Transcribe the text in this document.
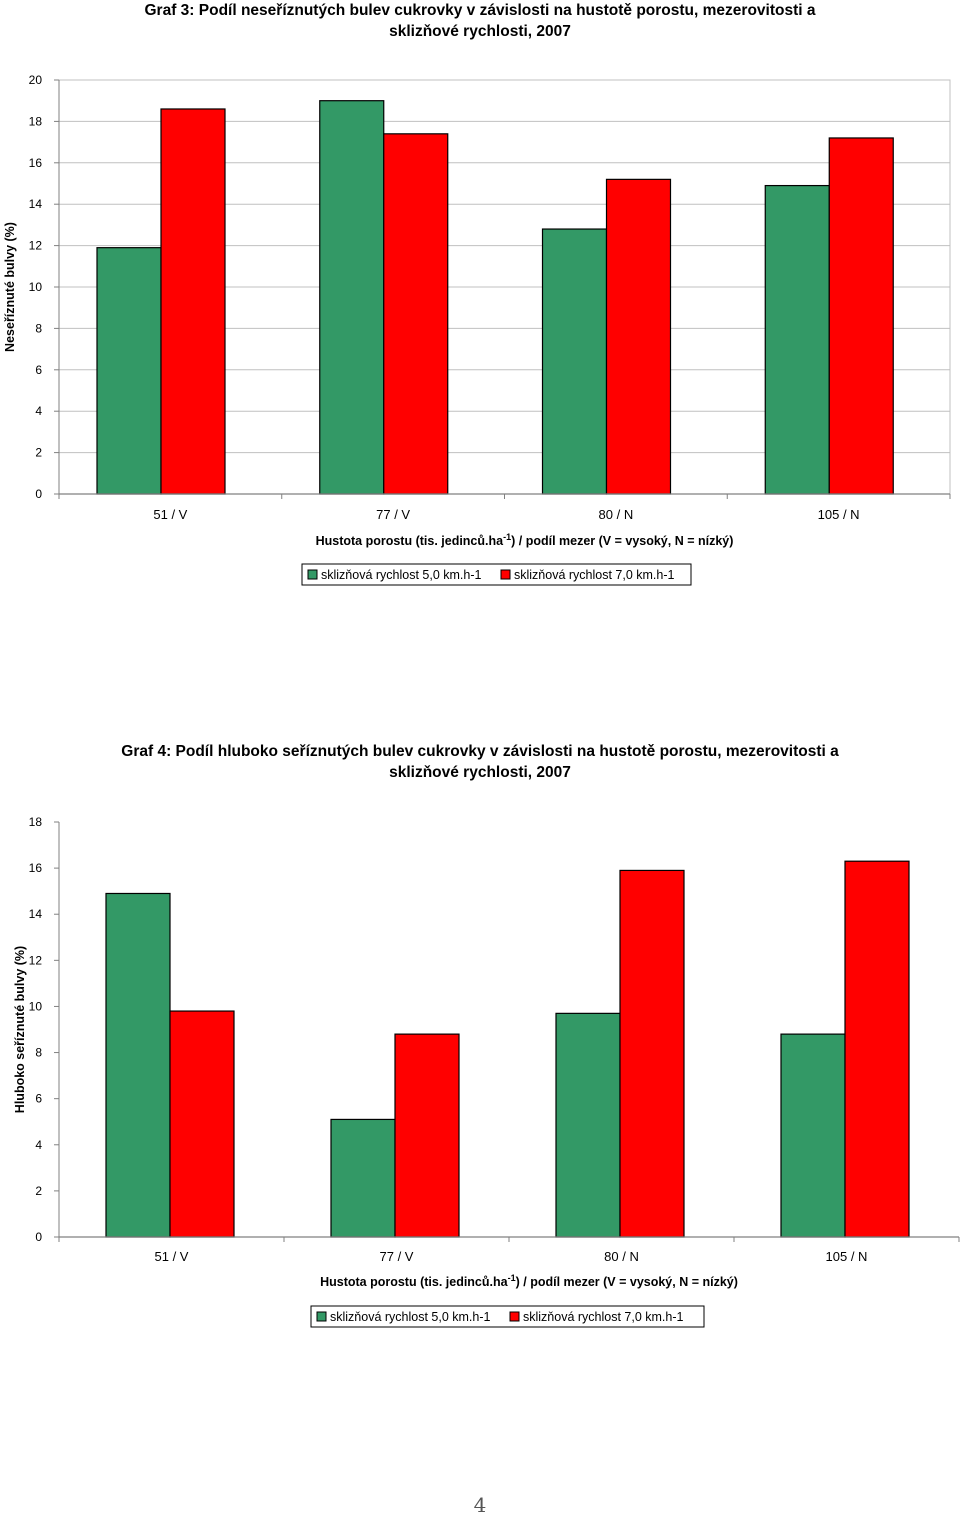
Graf 3: Podíl neseříznutých bulev cukrovky v závislosti na hustotě porostu, mezerovitosti a
sklizňové rychlosti, 2007
0
2
4
6
8
10
12
14
16
18
20
51 / V	77 / V	80 / N	105 / N
Hustota porostu (tis. $jedinců.ha^{-1}$) / podíl mezer (V = vysoký, N = nízký)
Neseříznuté bulvy (%)
sklizňová rychlost 5,0 km.h-1	sklizňová rychlost 7,0 km.h-1
Graf 4: Podíl hluboko seříznutých bulev cukrovky v závislosti na hustotě porostu, mezerovitosti a
sklizňové rychlosti, 2007
0
2
4
6
8
10
12
14
16
18
51 / V	77 / V	80 / N	105 / N
Hustota porostu (tis. $jedinců.ha^{-1}$) / podíl mezer (V = vysoký, N = nízký)
Hluboko seříznuté bulvy (%)
sklizňová rychlost 5,0 km.h-1	sklizňová rychlost 7,0 km.h-1
4
